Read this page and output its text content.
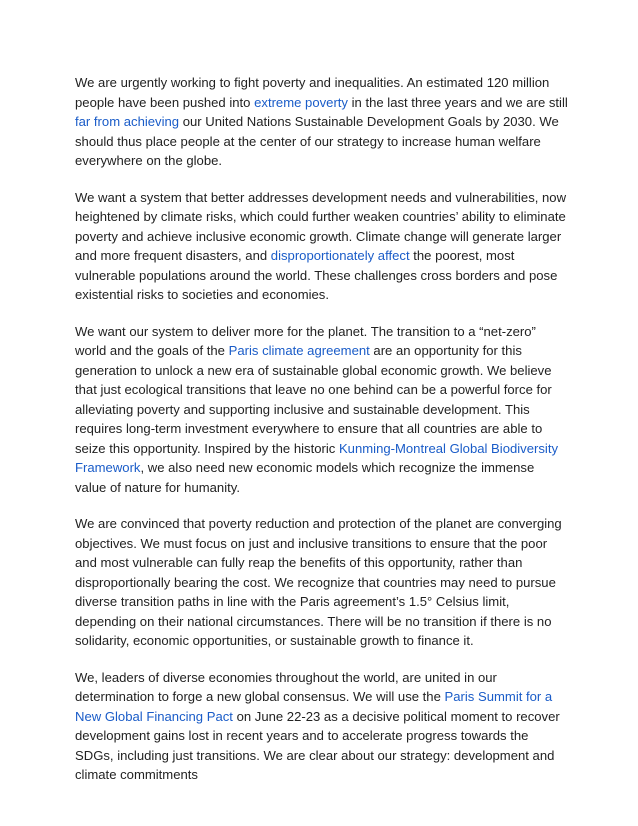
We are urgently working to fight poverty and inequalities. An estimated 120 million people have been pushed into extreme poverty in the last three years and we are still far from achieving our United Nations Sustainable Development Goals by 2030. We should thus place people at the center of our strategy to increase human welfare everywhere on the globe.

We want a system that better addresses development needs and vulnerabilities, now heightened by climate risks, which could further weaken countries’ ability to eliminate poverty and achieve inclusive economic growth. Climate change will generate larger and more frequent disasters, and disproportionately affect the poorest, most vulnerable populations around the world. These challenges cross borders and pose existential risks to societies and economies.

We want our system to deliver more for the planet. The transition to a “net-zero” world and the goals of the Paris climate agreement are an opportunity for this generation to unlock a new era of sustainable global economic growth. We believe that just ecological transitions that leave no one behind can be a powerful force for alleviating poverty and supporting inclusive and sustainable development. This requires long-term investment everywhere to ensure that all countries are able to seize this opportunity. Inspired by the historic Kunming-Montreal Global Biodiversity Framework, we also need new economic models which recognize the immense value of nature for humanity.

We are convinced that poverty reduction and protection of the planet are converging objectives. We must focus on just and inclusive transitions to ensure that the poor and most vulnerable can fully reap the benefits of this opportunity, rather than disproportionally bearing the cost. We recognize that countries may need to pursue diverse transition paths in line with the Paris agreement’s 1.5° Celsius limit, depending on their national circumstances. There will be no transition if there is no solidarity, economic opportunities, or sustainable growth to finance it.

We, leaders of diverse economies throughout the world, are united in our determination to forge a new global consensus. We will use the Paris Summit for a New Global Financing Pact on June 22-23 as a decisive political moment to recover development gains lost in recent years and to accelerate progress towards the SDGs, including just transitions. We are clear about our strategy: development and climate commitments
